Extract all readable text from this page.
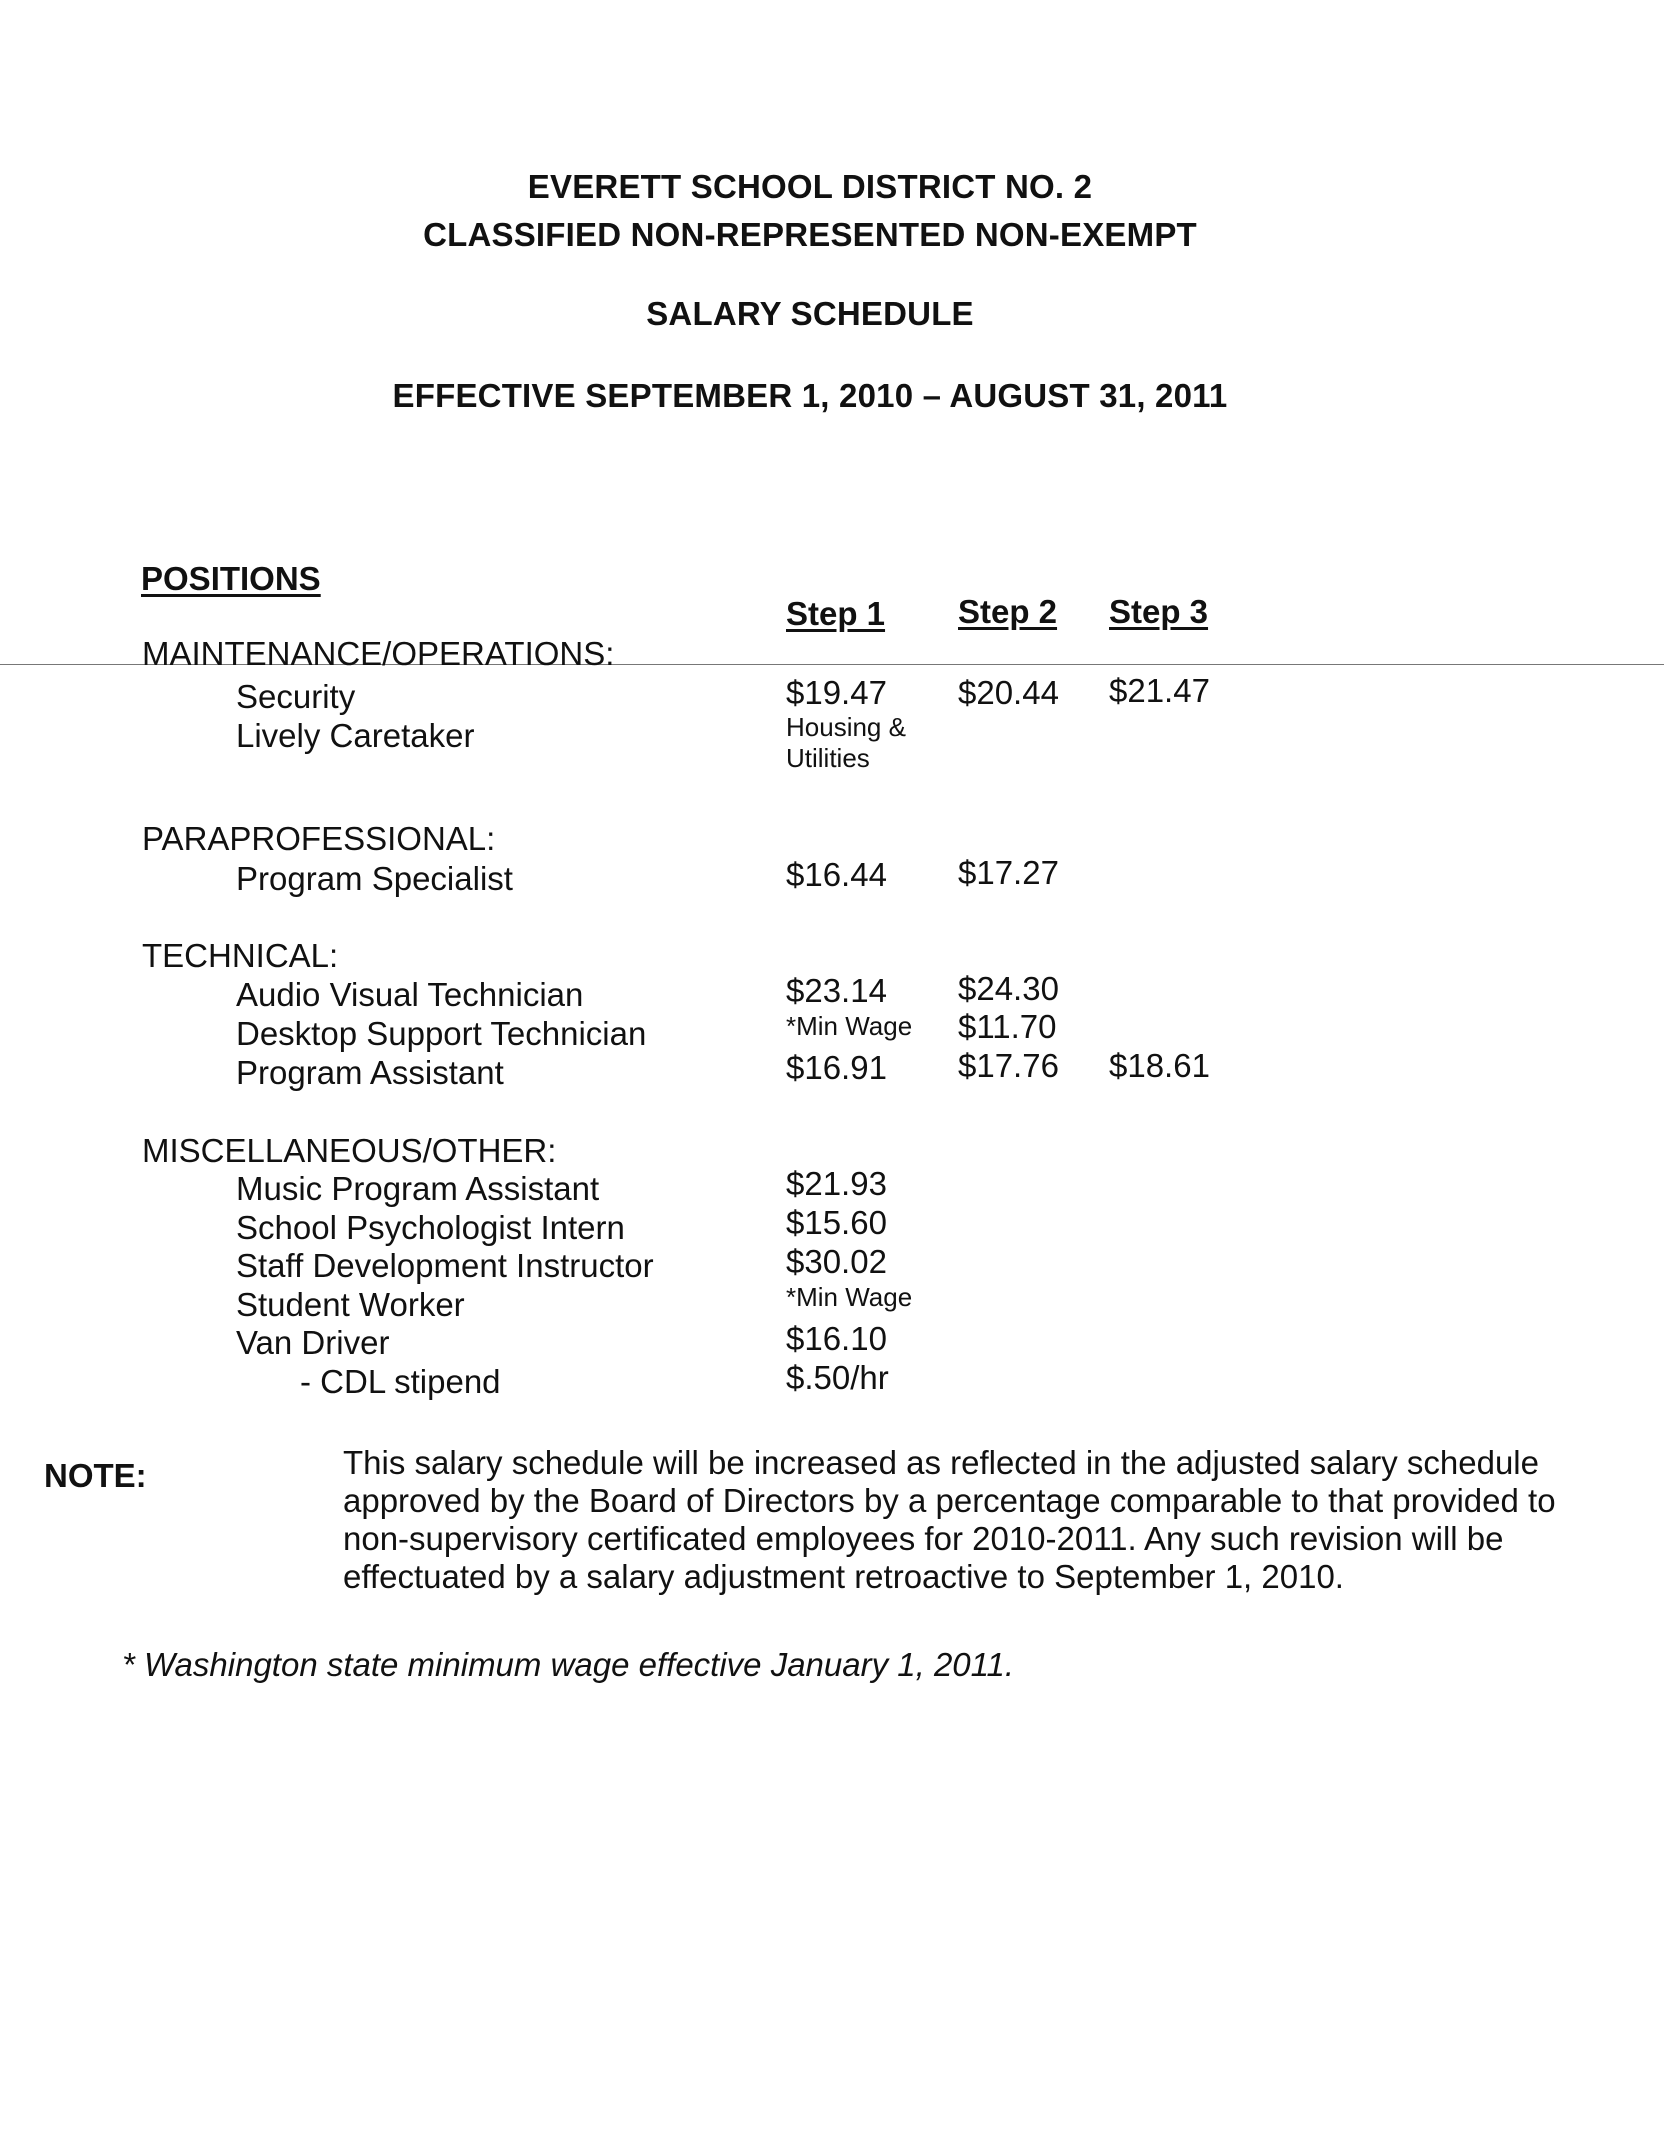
EVERETT SCHOOL DISTRICT NO. 2
CLASSIFIED NON-REPRESENTED NON-EXEMPT
SALARY SCHEDULE
EFFECTIVE SEPTEMBER 1, 2010 – AUGUST 31, 2011
POSITIONS
Step 1 Step 2 Step 3
MAINTENANCE/OPERATIONS:
Security	$19.47 $20.44 $21.47
Lively Caretaker	Housing & Utilities
PARAPROFESSIONAL:
Program Specialist	$16.44 $17.27
TECHNICAL:
Audio Visual Technician	$23.14 $24.30
Desktop Support Technician	*Min Wage $11.70
Program Assistant	$16.91 $17.76 $18.61
MISCELLANEOUS/OTHER:
Music Program Assistant	$21.93
School Psychologist Intern	$15.60
Staff Development Instructor	$30.02
Student Worker	*Min Wage
Van Driver	$16.10
- CDL stipend	$.50/hr
NOTE:	This salary schedule will be increased as reflected in the adjusted salary schedule approved by the Board of Directors by a percentage comparable to that provided to non-supervisory certificated employees for 2010-2011. Any such revision will be effectuated by a salary adjustment retroactive to September 1, 2010.
* Washington state minimum wage effective January 1, 2011.
